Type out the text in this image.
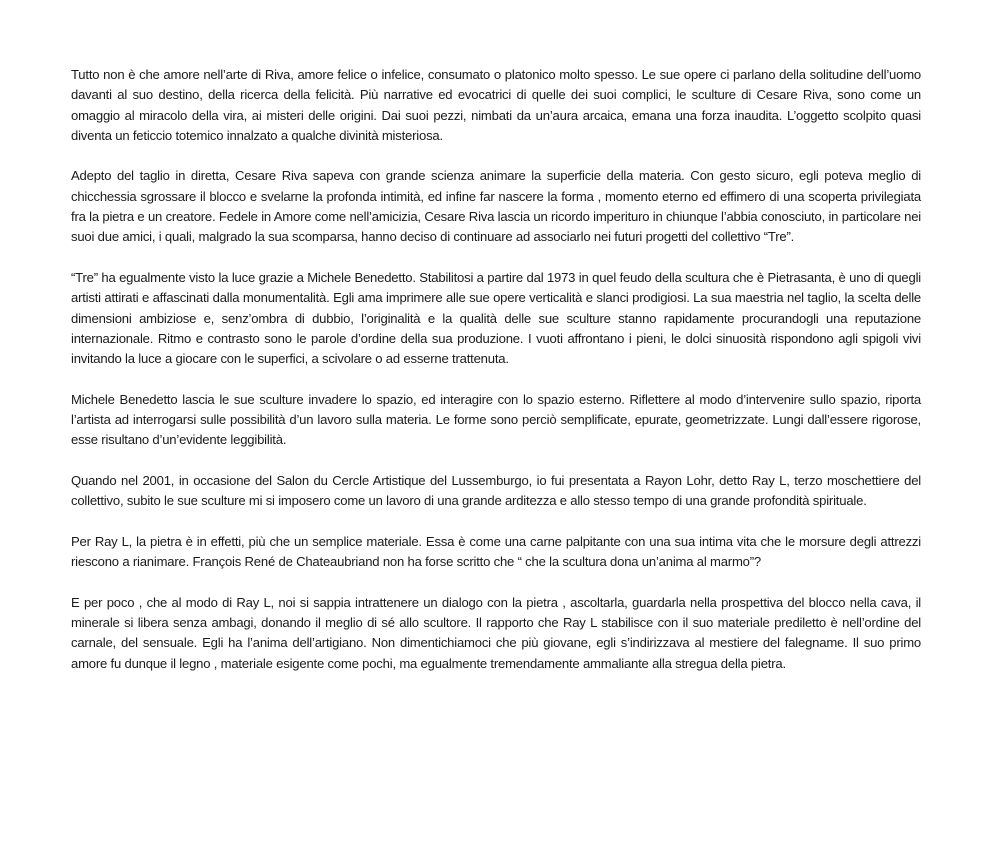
Tutto non è che amore nell’arte di Riva, amore felice o infelice, consumato o platonico molto spesso. Le sue opere ci parlano della solitudine dell’uomo davanti al suo destino, della ricerca della felicità. Più narrative ed evocatrici di quelle dei suoi complici, le sculture di Cesare Riva, sono come un omaggio al miracolo della vira, ai misteri delle origini. Dai suoi pezzi, nimbati da un’aura arcaica, emana una forza inaudita. L’oggetto scolpito quasi diventa un feticcio totemico innalzato a qualche divinità misteriosa.

Adepto del taglio in diretta, Cesare Riva sapeva con grande scienza animare la superficie della materia. Con gesto sicuro, egli poteva meglio di chicchessia sgrossare il blocco e svelarne la profonda intimità, ed infine far nascere la forma , momento eterno ed effimero di una scoperta privilegiata fra la pietra e un creatore. Fedele in Amore come nell’amicizia, Cesare Riva lascia un ricordo imperituro in chiunque l’abbia conosciuto, in particolare nei suoi due amici, i quali, malgrado la sua scomparsa, hanno deciso di continuare ad associarlo nei futuri progetti del collettivo “Tre”.

“Tre” ha egualmente visto la luce grazie a Michele Benedetto. Stabilitosi a partire dal 1973 in quel feudo della scultura che è Pietrasanta, è uno di quegli artisti attirati e affascinati dalla monumentalità. Egli ama imprimere alle sue opere verticalità e slanci prodigiosi. La sua maestria nel taglio, la scelta delle dimensioni ambiziose e, senz’ombra di dubbio, l’originalità e la qualità delle sue sculture stanno rapidamente procurandogli una reputazione internazionale. Ritmo e contrasto sono le parole d’ordine della sua produzione. I vuoti affrontano i pieni, le dolci sinuosità rispondono agli spigoli vivi invitando la luce a giocare con le superfici, a scivolare o ad esserne trattenuta.

Michele Benedetto lascia le sue sculture invadere lo spazio, ed interagire con lo spazio esterno. Riflettere al modo d’intervenire sullo spazio, riporta l’artista ad interrogarsi sulle possibilità d’un lavoro sulla materia. Le forme sono perciò semplificate, epurate, geometrizzate. Lungi dall’essere rigorose, esse risultano d’un’evidente leggibilità.

Quando nel 2001, in occasione del Salon du Cercle Artistique del Lussemburgo, io fui presentata a Rayon Lohr, detto Ray L, terzo moschettiere del collettivo, subito le sue sculture mi si imposero come un lavoro di una grande arditezza e allo stesso tempo di una grande profondità spirituale.

Per Ray L, la pietra è in effetti, più che un semplice materiale. Essa è come una carne palpitante con una sua intima vita che le morsure degli attrezzi riescono a rianimare. François René de Chateaubriand non ha forse scritto che “ che la scultura dona un’anima al marmo”?

E per poco , che al modo di Ray L, noi si sappia intrattenere un dialogo con la pietra , ascoltarla, guardarla nella prospettiva del blocco nella cava, il minerale si libera senza ambagi, donando il meglio di sé allo scultore. Il rapporto che Ray L stabilisce con il suo materiale prediletto è nell’ordine del carnale, del sensuale. Egli ha l’anima dell’artigiano. Non dimentichiamoci che più giovane, egli s’indirizzava al mestiere del falegname. Il suo primo amore fu dunque il legno , materiale esigente come pochi, ma egualmente tremendamente ammaliante alla stregua della pietra.
